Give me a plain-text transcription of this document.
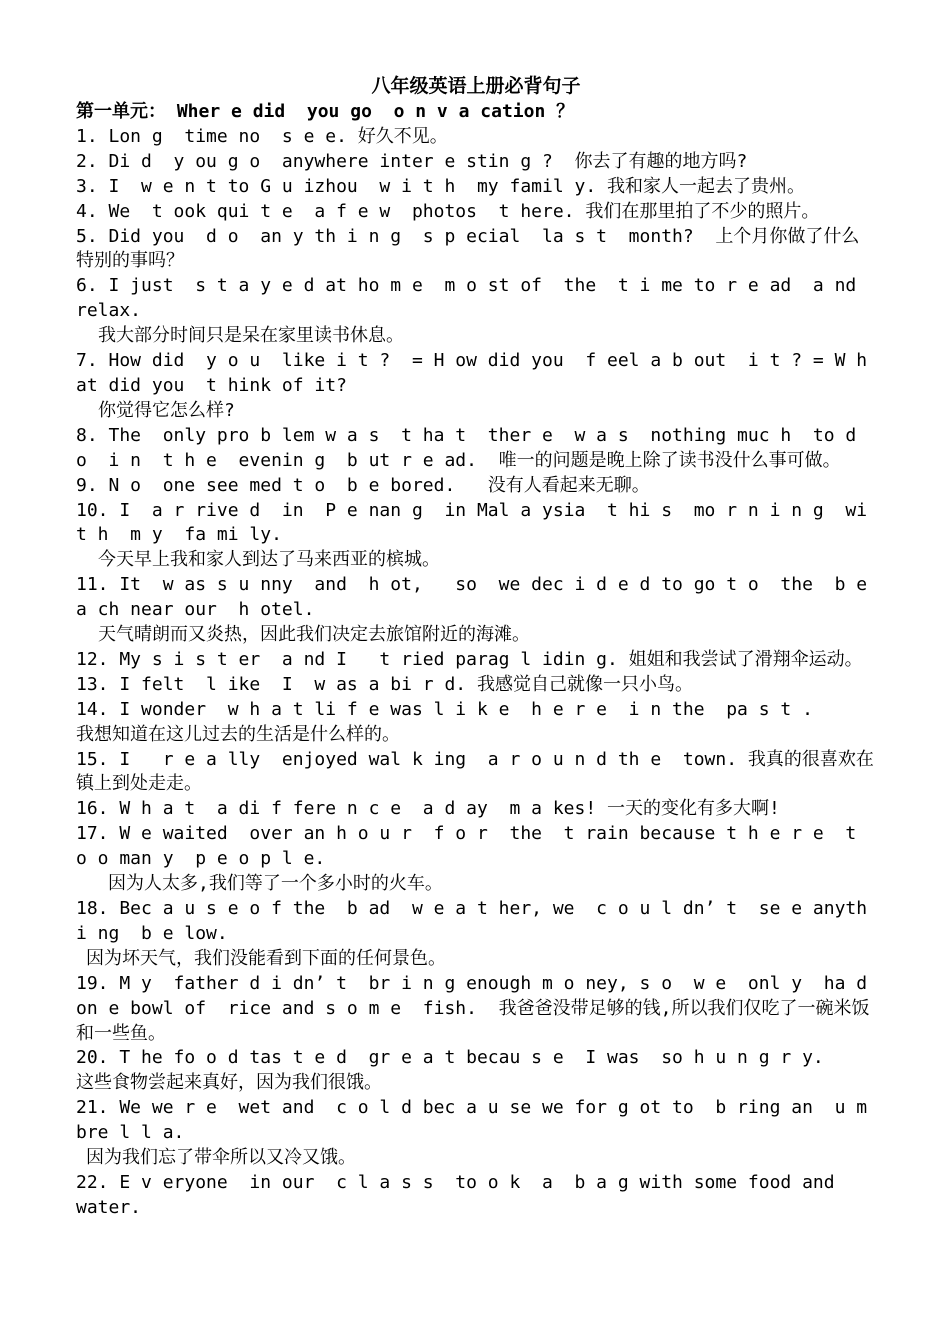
八年级英语上册必背句子

第一单元： Wher e did  you go  o n v a cation ？

1. Lon g  time no  s e e. 好久不见。

2. Di d  y ou g o  anywhere inter e stin g ?  你去了有趣的地方吗?

3. I  w e n t to G u izhou  w i t h  my famil y. 我和家人一起去了贵州。

4. We  t ook qui t e  a f e w  photos  t here. 我们在那里拍了不少的照片。

5. Did you  d o  an y th i n g  s p ecial  la s t  month?  上个月你做了什么特别的事吗？

6. I just  s t a y e d at ho m e  m o st of  the  t i me to r e ad  a nd relax.

我大部分时间只是呆在家里读书休息。

7. How did  y o u  like i t ?  = H ow did you  f eel a b out  i t ? = W h at did you  t hink of it?

你觉得它怎么样?

8. The  only pro b lem w a s  t ha t  ther e  w a s  nothing muc h  to d o  i n  t h e  evenin g  b ut r e ad.  唯一的问题是晚上除了读书没什么事可做。

9. N o  one see med t o  b e bored.   没有人看起来无聊。

10. I  a r rive d  in  P e nan g  in Mal a ysia  t hi s  mo r n i n g  wi t h  m y  fa mi ly.

今天早上我和家人到达了马来西亚的槟城。

11. It  w as s u nny  and  h ot,   so  we dec i d e d to go t o  the  b e a ch near our  h otel.

天气晴朗而又炎热，因此我们决定去旅馆附近的海滩。

12. My s i s t er  a nd I   t ried parag l idin g. 姐姐和我尝试了滑翔伞运动。

13. I felt  l ike  I  w as a bi r d. 我感觉自己就像一只小鸟。

14. I wonder  w h a t li f e was l i k e  h e r e  i n the  pa s t .

我想知道在这儿过去的生活是什么样的。

15. I   r e a lly  enjoyed wal k ing  a r o u n d th e  town. 我真的很喜欢在镇上到处走走。

16. W h a t  a di f fere n c e  a d ay  m a kes! 一天的变化有多大啊!

17. W e waited  over an h o u r  f o r  the  t rain because t h e r e  t o o man y  p e o p l e.

因为人太多,我们等了一个多小时的火车。

18. Bec a u s e o f the  b ad  w e a t her, we  c o u l dn’ t  se e anyth i ng  b e low.

因为坏天气，我们没能看到下面的任何景色。

19. M y  father d i dn’ t  br i n g enough m o ney, s o  w e  onl y  ha d  on e bowl of  rice and s o m e  fish.  我爸爸没带足够的钱,所以我们仅吃了一碗米饭和一些鱼。

20. T he fo o d tas t e d  gr e a t becau s e  I was  so h u n g r y.

这些食物尝起来真好，因为我们很饿。

21. We we r e  wet and  c o l d bec a u se we for g ot to  b ring an  u m bre l l a.

因为我们忘了带伞所以又冷又饿。

22. E v eryone  in our  c l a s s  to o k  a  b a g with some food and water.
